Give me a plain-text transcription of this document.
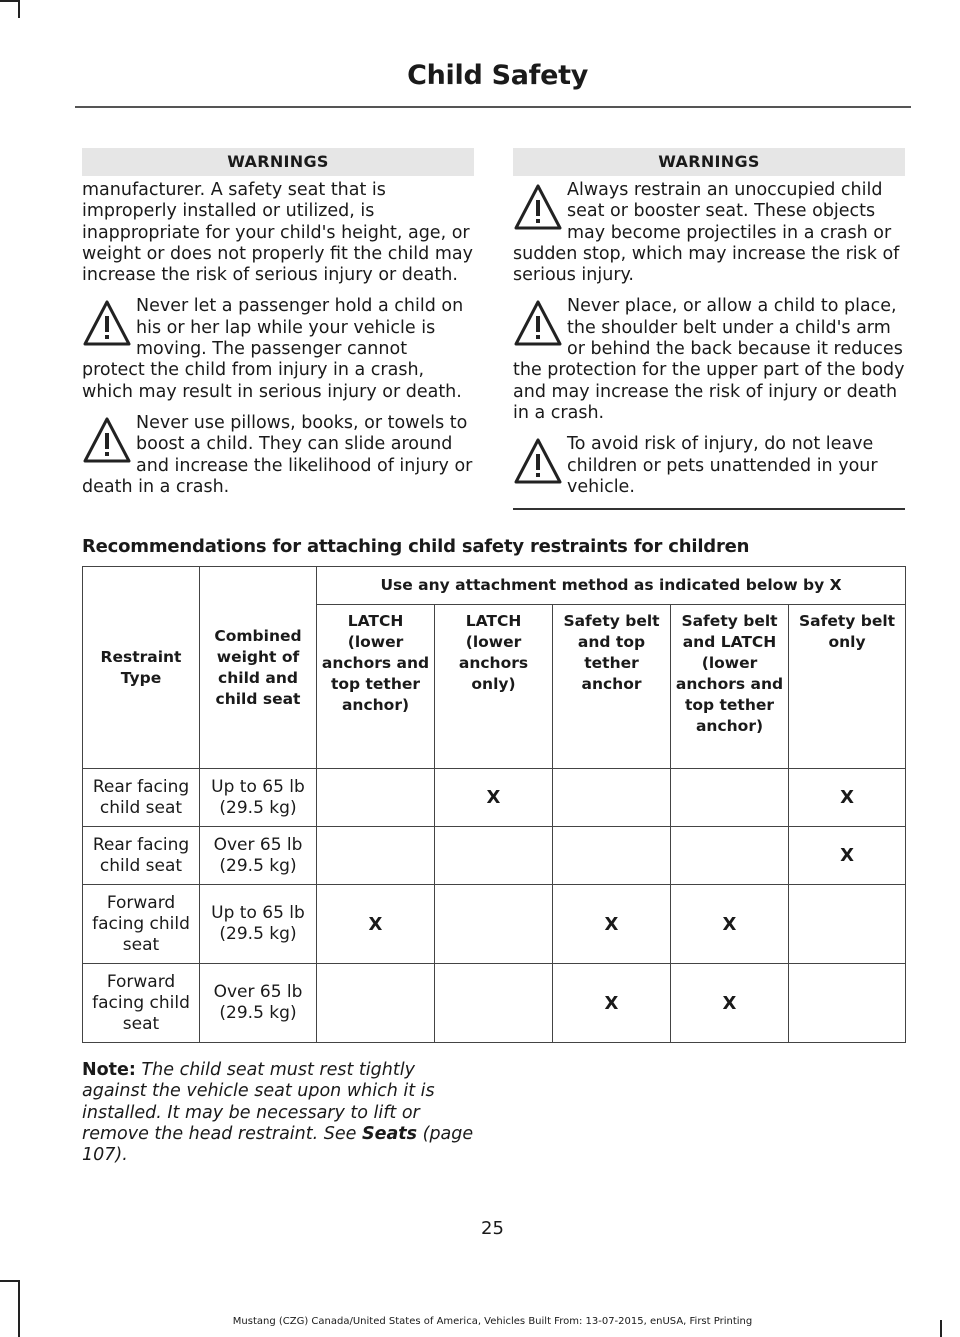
Child Safety
WARNINGS

manufacturer. A safety seat that is improperly installed or utilized, is inappropriate for your child's height, age, or weight or does not properly fit the child may increase the risk of serious injury or death.

Never let a passenger hold a child on his or her lap while your vehicle is moving. The passenger cannot protect the child from injury in a crash, which may result in serious injury or death.

Never use pillows, books, or towels to boost a child. They can slide around and increase the likelihood of injury or death in a crash.

WARNINGS

Always restrain an unoccupied child seat or booster seat. These objects may become projectiles in a crash or sudden stop, which may increase the risk of serious injury.

Never place, or allow a child to place, the shoulder belt under a child's arm or behind the back because it reduces the protection for the upper part of the body and may increase the risk of injury or death in a crash.

To avoid risk of injury, do not leave children or pets unattended in your vehicle.

Recommendations for attaching child safety restraints for children
Restraint Type	Combined weight of child and child seat	Use any attachment method as indicated below by X				
		LATCH (lower anchors and top tether anchor)	LATCH (lower anchors only)	Safety belt and top tether anchor	Safety belt and LATCH (lower anchors and top tether anchor)	Safety belt only
Rear facing child seat	Up to 65 lb (29.5 kg)		X			X
Rear facing child seat	Over 65 lb (29.5 kg)					X
Forward facing child seat	Up to 65 lb (29.5 kg)	X		X	X	
Forward facing child seat	Over 65 lb (29.5 kg)			X	X	

Note: The child seat must rest tightly against the vehicle seat upon which it is installed. It may be necessary to lift or remove the head restraint. See Seats (page 107).

25
Mustang (CZG) Canada/United States of America, Vehicles Built From: 13-07-2015, enUSA, First Printing
